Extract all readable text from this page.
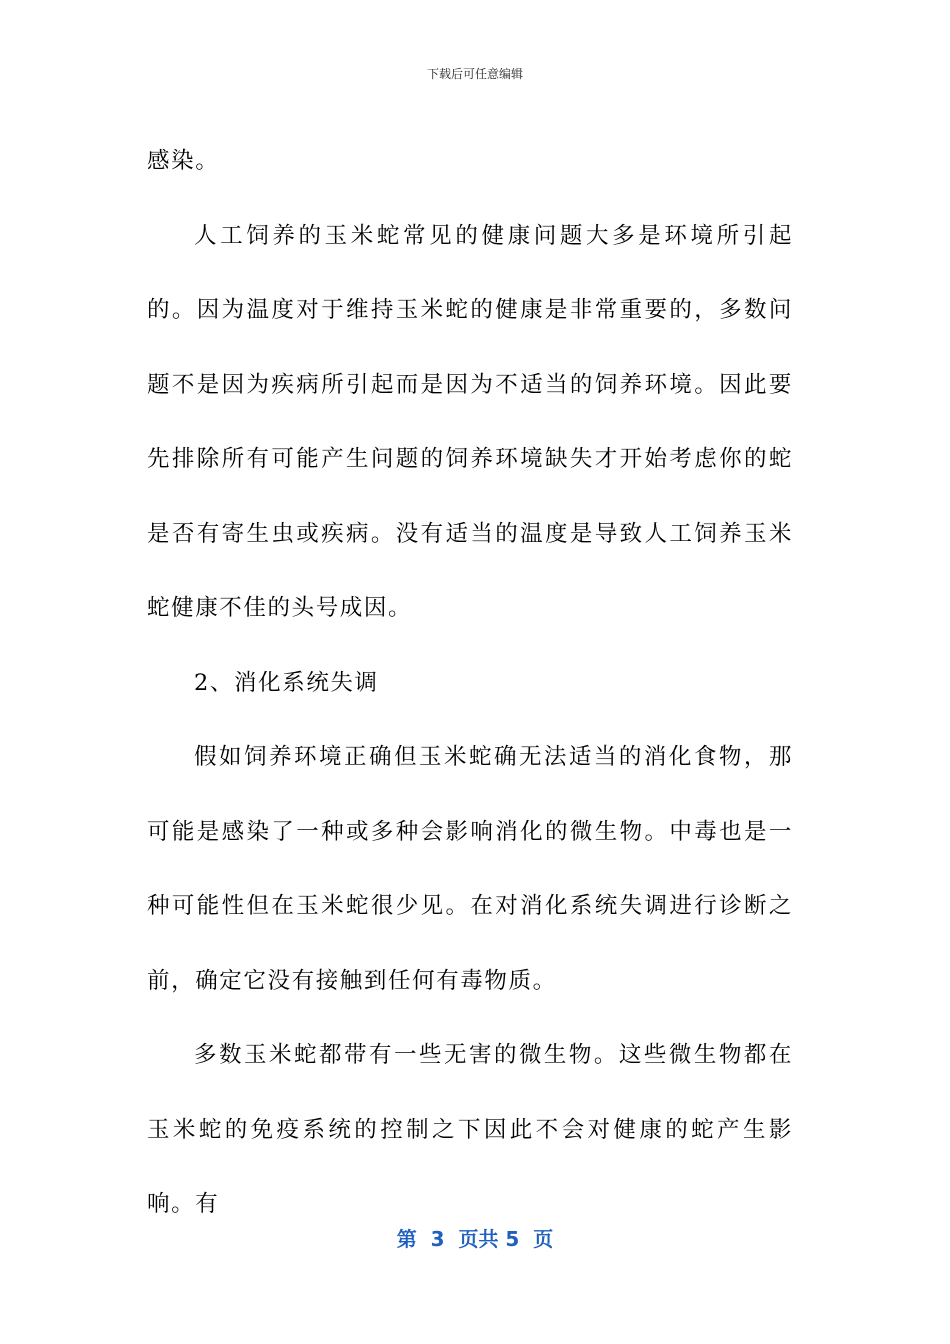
下载后可任意编辑

感染。

人工饲养的玉米蛇常见的健康问题大多是环境所引起的。因为温度对于维持玉米蛇的健康是非常重要的，多数问题不是因为疾病所引起而是因为不适当的饲养环境。因此要先排除所有可能产生问题的饲养环境缺失才开始考虑你的蛇是否有寄生虫或疾病。没有适当的温度是导致人工饲养玉米蛇健康不佳的头号成因。

2、消化系统失调

假如饲养环境正确但玉米蛇确无法适当的消化食物，那可能是感染了一种或多种会影响消化的微生物。中毒也是一种可能性但在玉米蛇很少见。在对消化系统失调进行诊断之前，确定它没有接触到任何有毒物质。

多数玉米蛇都带有一些无害的微生物。这些微生物都在玉米蛇的免疫系统的控制之下因此不会对健康的蛇产生影响。有

第  3  页共 5  页
